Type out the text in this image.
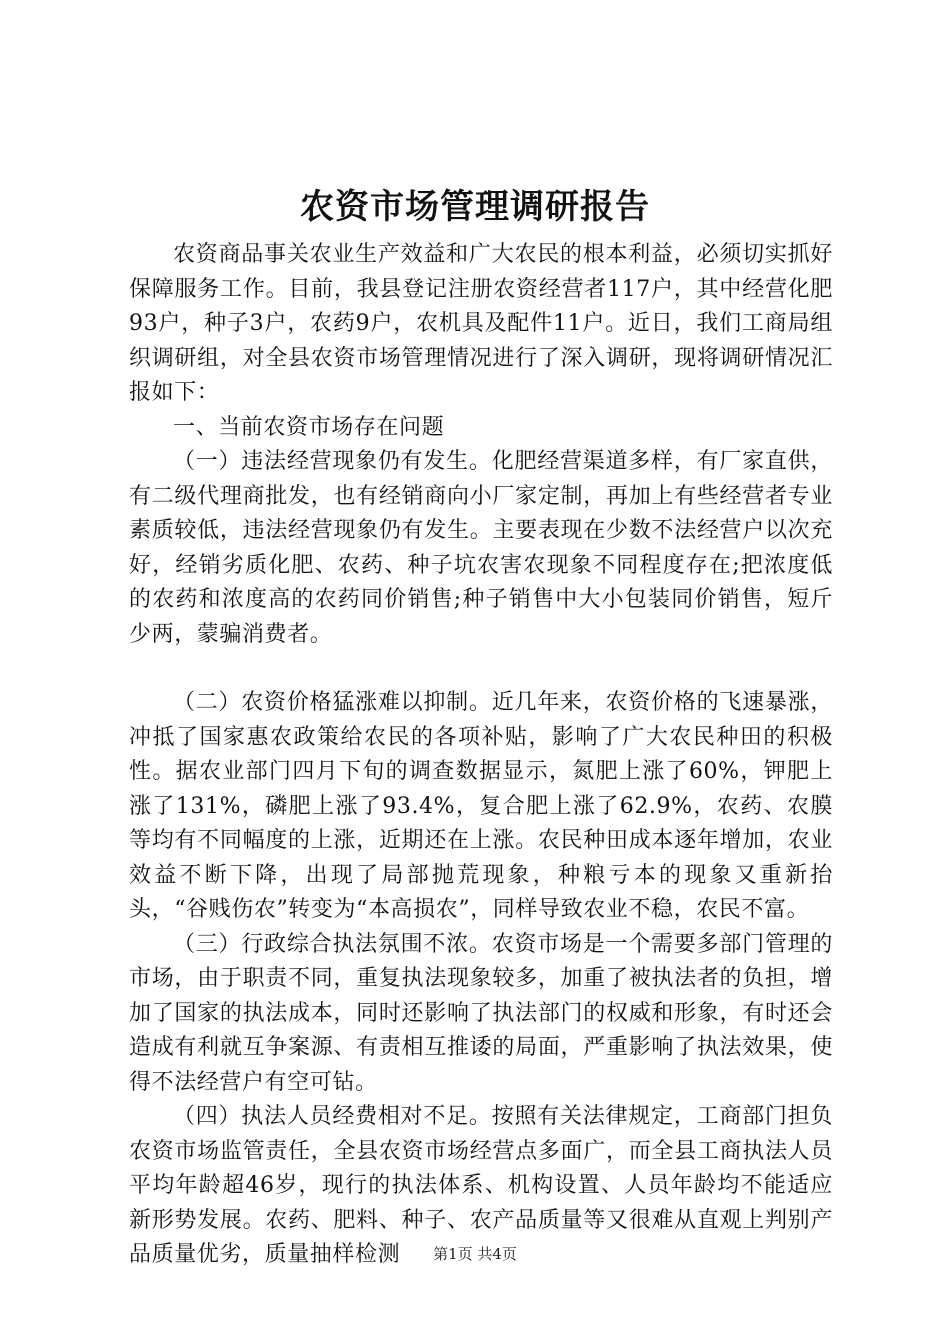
农资市场管理调研报告

农资商品事关农业生产效益和广大农民的根本利益，必须切实抓好保障服务工作。目前，我县登记注册农资经营者117户，其中经营化肥93户，种子3户，农药9户，农机具及配件11户。近日，我们工商局组织调研组，对全县农资市场管理情况进行了深入调研，现将调研情况汇报如下：

一、当前农资市场存在问题

（一）违法经营现象仍有发生。化肥经营渠道多样，有厂家直供，有二级代理商批发，也有经销商向小厂家定制，再加上有些经营者专业素质较低，违法经营现象仍有发生。主要表现在少数不法经营户以次充好，经销劣质化肥、农药、种子坑农害农现象不同程度存在;把浓度低的农药和浓度高的农药同价销售;种子销售中大小包装同价销售，短斤少两，蒙骗消费者。

（二）农资价格猛涨难以抑制。近几年来，农资价格的飞速暴涨，冲抵了国家惠农政策给农民的各项补贴，影响了广大农民种田的积极性。据农业部门四月下旬的调查数据显示，氮肥上涨了60%，钾肥上涨了131%，磷肥上涨了93.4%，复合肥上涨了62.9%，农药、农膜等均有不同幅度的上涨，近期还在上涨。农民种田成本逐年增加，农业效益不断下降，出现了局部抛荒现象，种粮亏本的现象又重新抬头，“谷贱伤农”转变为“本高损农”，同样导致农业不稳，农民不富。

（三）行政综合执法氛围不浓。农资市场是一个需要多部门管理的市场，由于职责不同，重复执法现象较多，加重了被执法者的负担，增加了国家的执法成本，同时还影响了执法部门的权威和形象，有时还会造成有利就互争案源、有责相互推诿的局面，严重影响了执法效果，使得不法经营户有空可钻。

（四）执法人员经费相对不足。按照有关法律规定，工商部门担负农资市场监管责任，全县农资市场经营点多面广，而全县工商执法人员平均年龄超46岁，现行的执法体系、机构设置、人员年龄均不能适应新形势发展。农药、肥料、种子、农产品质量等又很难从直观上判别产品质量优劣，质量抽样检测	第1页 共4页
